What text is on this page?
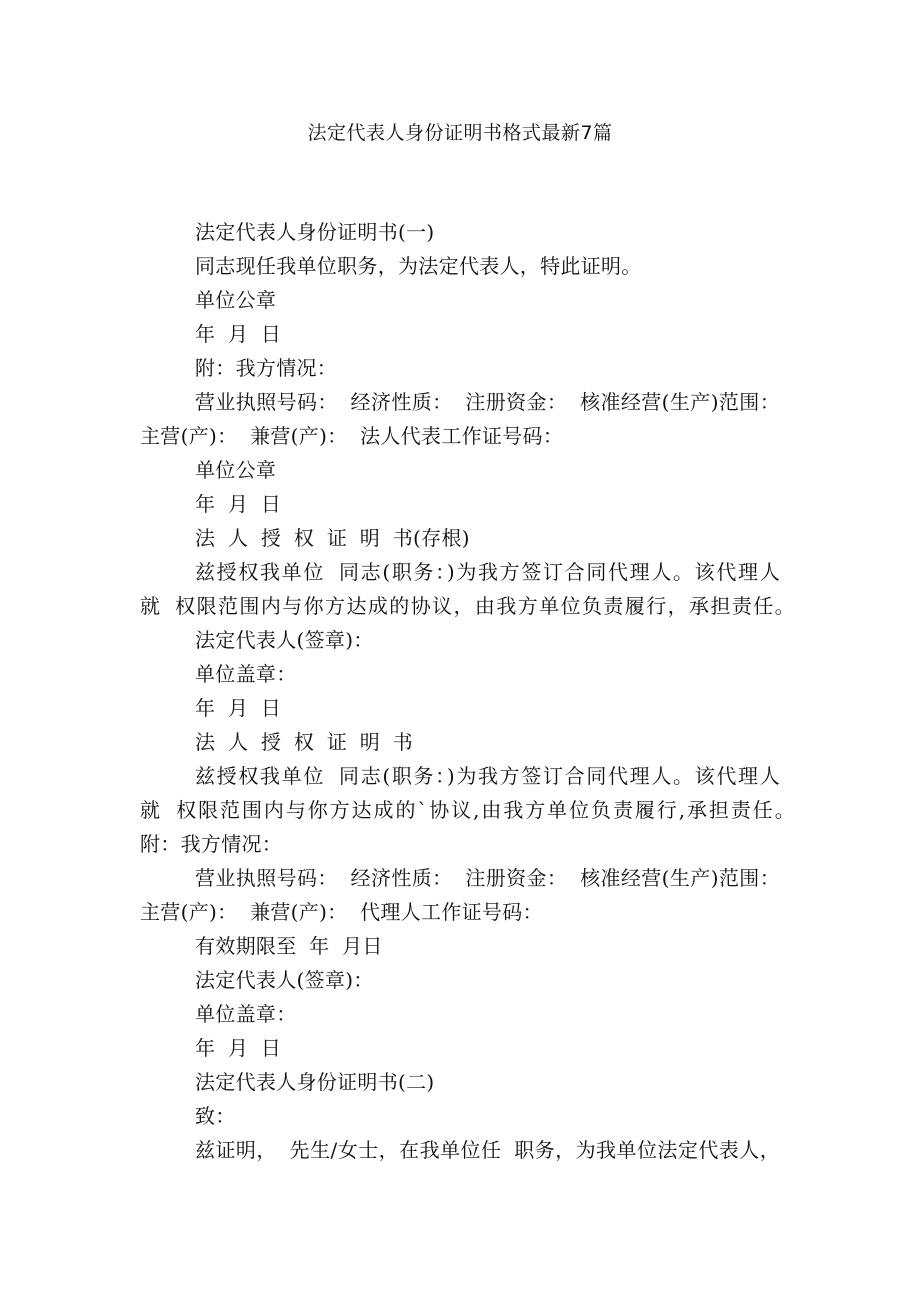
法定代表人身份证明书格式最新7篇
法定代表人身份证明书(一)
同志现任我单位职务，为法定代表人，特此证明。
单位公章
年 月 日
附：我方情况：
营业执照号码： 经济性质： 注册资金： 核准经营(生产)范围：
主营(产)： 兼营(产)： 法人代表工作证号码：
单位公章
年 月 日
法 人 授 权 证 明 书(存根)
兹授权我单位 同志(职务：)为我方签订合同代理人。该代理人
就 权限范围内与你方达成的协议，由我方单位负责履行，承担责任。
法定代表人(签章)：
单位盖章：
年 月 日
法 人 授 权 证 明 书
兹授权我单位 同志(职务：)为我方签订合同代理人。该代理人
就 权限范围内与你方达成的`协议,由我方单位负责履行,承担责任。
附：我方情况：
营业执照号码： 经济性质： 注册资金： 核准经营(生产)范围：
主营(产)： 兼营(产)： 代理人工作证号码：
有效期限至 年 月日
法定代表人(签章)：
单位盖章：
年 月 日
法定代表人身份证明书(二)
致：
兹证明， 先生/女士，在我单位任 职务，为我单位法定代表人，
